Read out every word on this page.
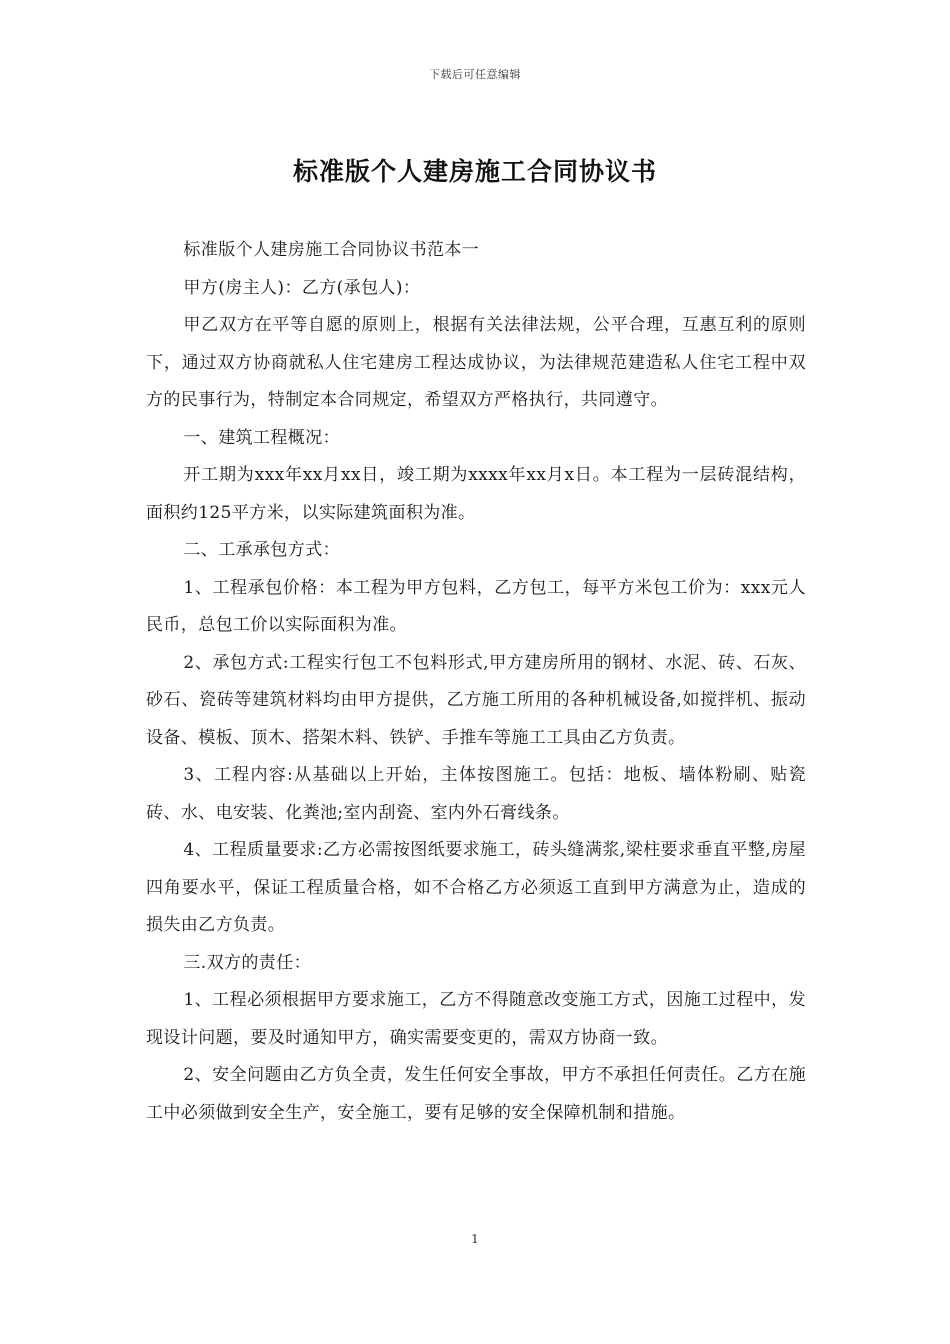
下载后可任意编辑
标准版个人建房施工合同协议书

标准版个人建房施工合同协议书范本一

甲方(房主人)：乙方(承包人)：

甲乙双方在平等自愿的原则上，根据有关法律法规，公平合理，互惠互利的原则下，通过双方协商就私人住宅建房工程达成协议，为法律规范建造私人住宅工程中双方的民事行为，特制定本合同规定，希望双方严格执行，共同遵守。

一、建筑工程概况：

开工期为xxx年xx月xx日，竣工期为xxxx年xx月x日。本工程为一层砖混结构，面积约125平方米，以实际建筑面积为准。

二、工承承包方式：

1、工程承包价格：本工程为甲方包料，乙方包工，每平方米包工价为：xxx元人民币，总包工价以实际面积为准。

2、承包方式:工程实行包工不包料形式,甲方建房所用的钢材、水泥、砖、石灰、砂石、瓷砖等建筑材料均由甲方提供，乙方施工所用的各种机械设备,如搅拌机、振动设备、模板、顶木、搭架木料、铁铲、手推车等施工工具由乙方负责。

3、工程内容:从基础以上开始，主体按图施工。包括：地板、墙体粉刷、贴瓷砖、水、电安装、化粪池;室内刮瓷、室内外石膏线条。

4、工程质量要求:乙方必需按图纸要求施工，砖头缝满浆,梁柱要求垂直平整,房屋四角要水平，保证工程质量合格，如不合格乙方必须返工直到甲方满意为止，造成的损失由乙方负责。

三.双方的责任：

1、工程必须根据甲方要求施工，乙方不得随意改变施工方式，因施工过程中，发现设计问题，要及时通知甲方，确实需要变更的，需双方协商一致。

2、安全问题由乙方负全责，发生任何安全事故，甲方不承担任何责任。乙方在施工中必须做到安全生产，安全施工，要有足够的安全保障机制和措施。

1
